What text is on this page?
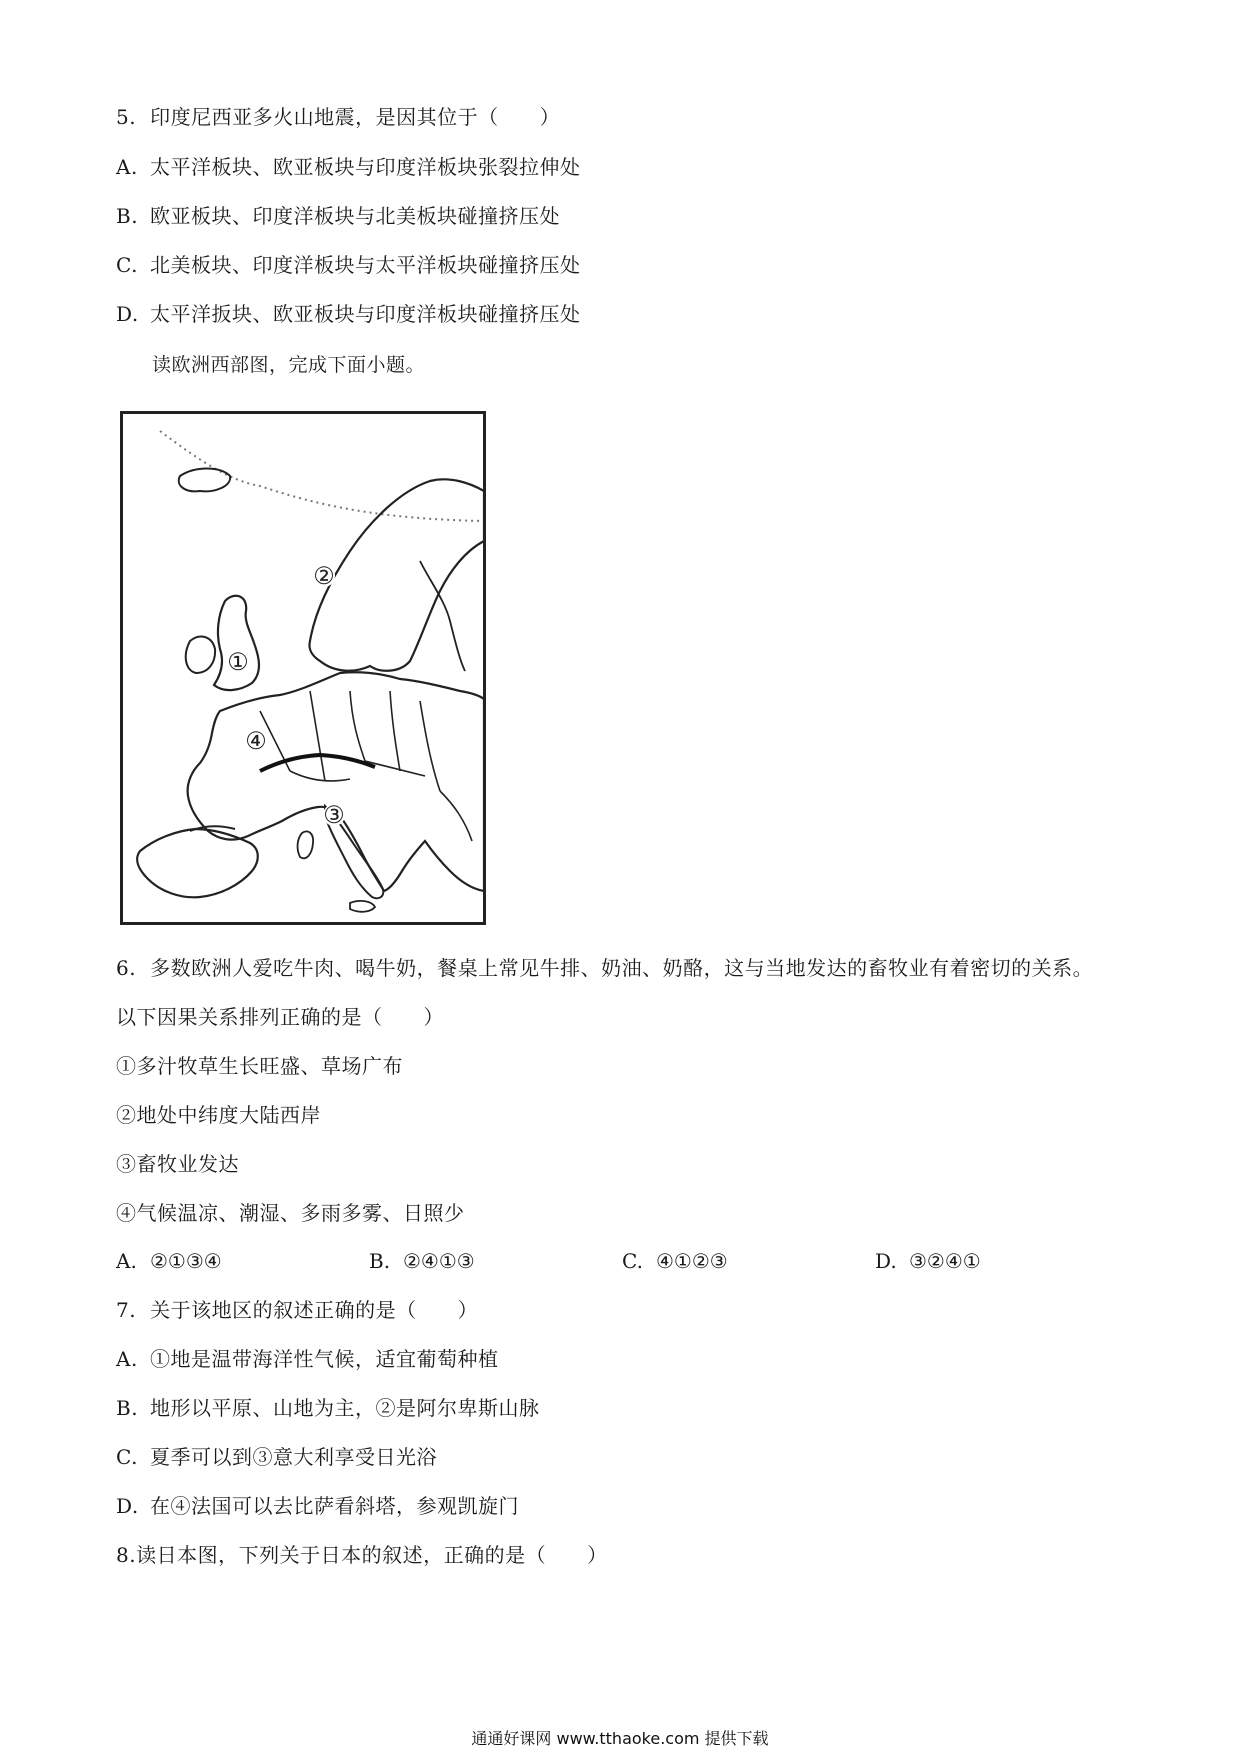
5. 印度尼西亚多火山地震，是因其位于（　　）
A. 太平洋板块、欧亚板块与印度洋板块张裂拉伸处
B. 欧亚板块、印度洋板块与北美板块碰撞挤压处
C. 北美板块、印度洋板块与太平洋板块碰撞挤压处
D. 太平洋扳块、欧亚板块与印度洋板块碰撞挤压处
读欧洲西部图，完成下面小题。
①
②
③
④
6. 多数欧洲人爱吃牛肉、喝牛奶，餐桌上常见牛排、奶油、奶酪，这与当地发达的畜牧业有着密切的关系。
以下因果关系排列正确的是（　　）
①多汁牧草生长旺盛、草场广布
②地处中纬度大陆西岸
③畜牧业发达
④气候温凉、潮湿、多雨多雾、日照少
A. ②①③④	B. ②④①③	C. ④①②③	D. ③②④①
7. 关于该地区的叙述正确的是（　　）
A. ①地是温带海洋性气候，适宜葡萄种植
B. 地形以平原、山地为主，②是阿尔卑斯山脉
C. 夏季可以到③意大利享受日光浴
D. 在④法国可以去比萨看斜塔，参观凯旋门
8.读日本图，下列关于日本的叙述，正确的是（　　）
通通好课网 www.tthaoke.com 提供下载
